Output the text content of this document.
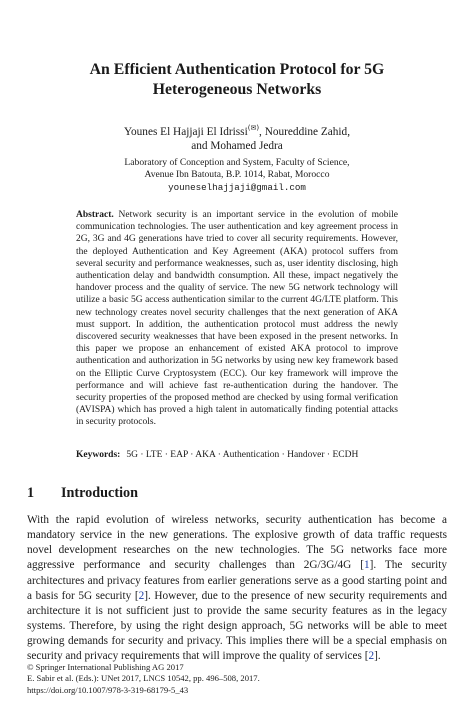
An Efficient Authentication Protocol for 5G
Heterogeneous Networks
Younes El Hajjaji El Idrissi(✉), Noureddine Zahid,
and Mohamed Jedra
Laboratory of Conception and System, Faculty of Science,
Avenue Ibn Batouta, B.P. 1014, Rabat, Morocco
youneselhajjaji@gmail.com
Abstract. Network security is an important service in the evolution of mobile communication technologies. The user authentication and key agreement process in 2G, 3G and 4G generations have tried to cover all security requirements. However, the deployed Authentication and Key Agreement (AKA) protocol suffers from several security and performance weaknesses, such as, user identity disclosing, high authentication delay and bandwidth consumption. All these, impact negatively the handover process and the quality of service. The new 5G network technology will utilize a basic 5G access authentication similar to the current 4G/LTE platform. This new technology creates novel security challenges that the next generation of AKA must support. In addition, the authentication protocol must address the newly discovered security weaknesses that have been exposed in the present networks. In this paper we propose an enhancement of existed AKA protocol to improve authentication and authorization in 5G networks by using new key framework based on the Elliptic Curve Cryptosystem (ECC). Our key framework will improve the performance and will achieve fast re-authentication during the handover. The security properties of the proposed method are checked by using formal verification (AVISPA) which has proved a high talent in automatically finding potential attacks in security protocols.
Keywords: 5G · LTE · EAP · AKA · Authentication · Handover · ECDH
1 Introduction
With the rapid evolution of wireless networks, security authentication has become a mandatory service in the new generations. The explosive growth of data traffic requests novel development researches on the new technologies. The 5G networks face more aggressive performance and security challenges than 2G/3G/4G [1]. The security architectures and privacy features from earlier generations serve as a good starting point and a basis for 5G security [2]. However, due to the presence of new security requirements and architecture it is not sufficient just to provide the same security features as in the legacy systems. Therefore, by using the right design approach, 5G networks will be able to meet growing demands for security and privacy. This implies there will be a special emphasis on security and privacy requirements that will improve the quality of services [2].
© Springer International Publishing AG 2017
E. Sabir et al. (Eds.): UNet 2017, LNCS 10542, pp. 496–508, 2017.
https://doi.org/10.1007/978-3-319-68179-5_43
